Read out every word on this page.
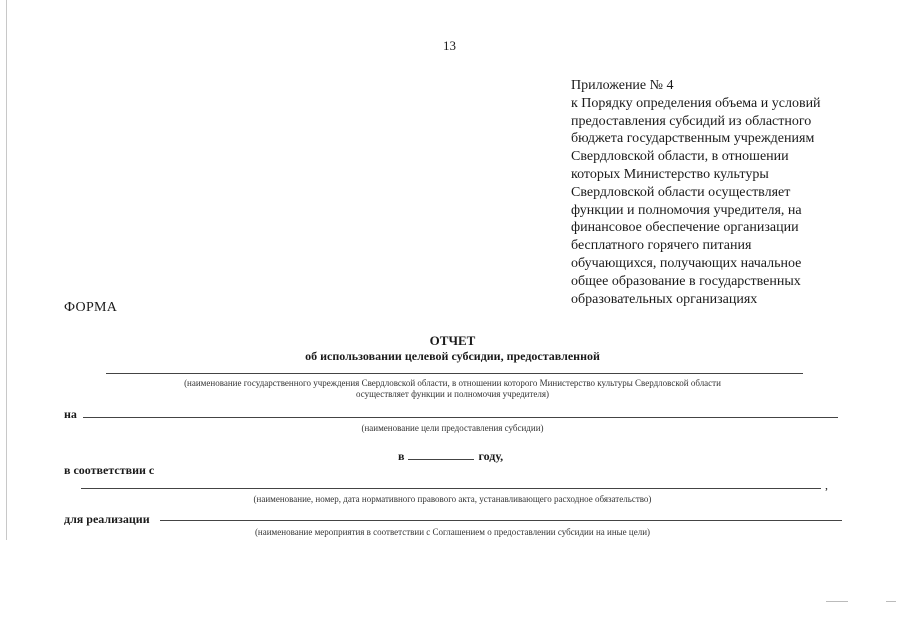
13
Приложение № 4
к Порядку определения объема и условий
предоставления субсидий из областного
бюджета государственным учреждениям
Свердловской области, в отношении
которых Министерство культуры
Свердловской области осуществляет
функции и полномочия учредителя, на
финансовое обеспечение организации
бесплатного горячего питания
обучающихся, получающих начальное
общее образование в государственных
образовательных организациях
ФОРМА
ОТЧЕТ
об использовании целевой субсидии, предоставленной
(наименование государственного учреждения Свердловской области, в отношении которого Министерство культуры Свердловской области
осуществляет функции и полномочия учредителя)
на
(наименование цели предоставления субсидии)
в	году,
в соответствии с
,
(наименование, номер, дата нормативного правового акта, устанавливающего расходное обязательство)
для реализации
(наименование мероприятия в соответствии с Соглашением о предоставлении субсидии на иные цели)
